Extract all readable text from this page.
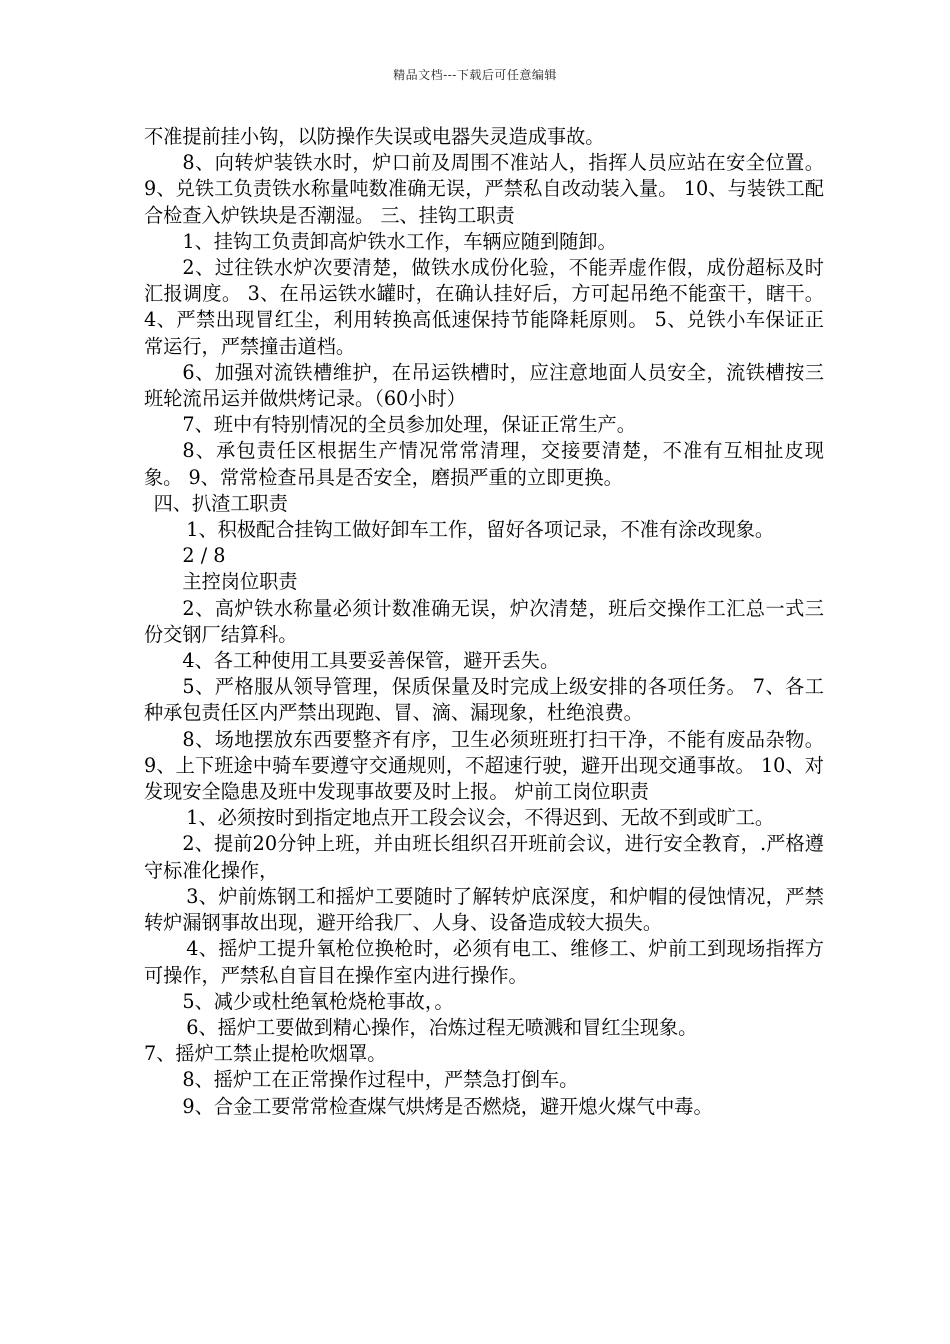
精品文档---下载后可任意编辑

不准提前挂小钩，以防操作失误或电器失灵造成事故。

8、向转炉装铁水时，炉口前及周围不准站人，指挥人员应站在安全位置。 9、兑铁工负责铁水称量吨数准确无误，严禁私自改动装入量。 10、与装铁工配合检查入炉铁块是否潮湿。 三、挂钩工职责

1、挂钩工负责卸高炉铁水工作，车辆应随到随卸。

2、过往铁水炉次要清楚，做铁水成份化验，不能弄虚作假，成份超标及时汇报调度。 3、在吊运铁水罐时，在确认挂好后，方可起吊绝不能蛮干，瞎干。 4、严禁出现冒红尘，利用转换高低速保持节能降耗原则。 5、兑铁小车保证正常运行，严禁撞击道档。

6、加强对流铁槽维护，在吊运铁槽时，应注意地面人员安全，流铁槽按三班轮流吊运并做烘烤记录。（60小时）

7、班中有特别情况的全员参加处理，保证正常生产。

8、承包责任区根据生产情况常常清理，交接要清楚，不准有互相扯皮现象。 9、常常检查吊具是否安全，磨损严重的立即更换。

四、扒渣工职责

1、积极配合挂钩工做好卸车工作，留好各项记录，不准有涂改现象。

2 / 8

主控岗位职责

2、高炉铁水称量必须计数准确无误，炉次清楚，班后交操作工汇总一式三份交钢厂结算科。

4、各工种使用工具要妥善保管，避开丢失。

5、严格服从领导管理，保质保量及时完成上级安排的各项任务。 7、各工种承包责任区内严禁出现跑、冒、滴、漏现象，杜绝浪费。

8、场地摆放东西要整齐有序，卫生必须班班打扫干净，不能有废品杂物。 9、上下班途中骑车要遵守交通规则，不超速行驶，避开出现交通事故。 10、对发现安全隐患及班中发现事故要及时上报。 炉前工岗位职责

1、必须按时到指定地点开工段会议会，不得迟到、无故不到或旷工。

2、提前20分钟上班，并由班长组织召开班前会议，进行安全教育，.严格遵守标准化操作，

3、炉前炼钢工和摇炉工要随时了解转炉底深度，和炉帽的侵蚀情况，严禁转炉漏钢事故出现，避开给我厂、人身、设备造成较大损失。

4、摇炉工提升氧枪位换枪时，必须有电工、维修工、炉前工到现场指挥方可操作，严禁私自盲目在操作室内进行操作。

5、减少或杜绝氧枪烧枪事故，。

6、摇炉工要做到精心操作，冶炼过程无喷溅和冒红尘现象。

7、摇炉工禁止提枪吹烟罩。

8、摇炉工在正常操作过程中，严禁急打倒车。

9、合金工要常常检查煤气烘烤是否燃烧，避开熄火煤气中毒。
